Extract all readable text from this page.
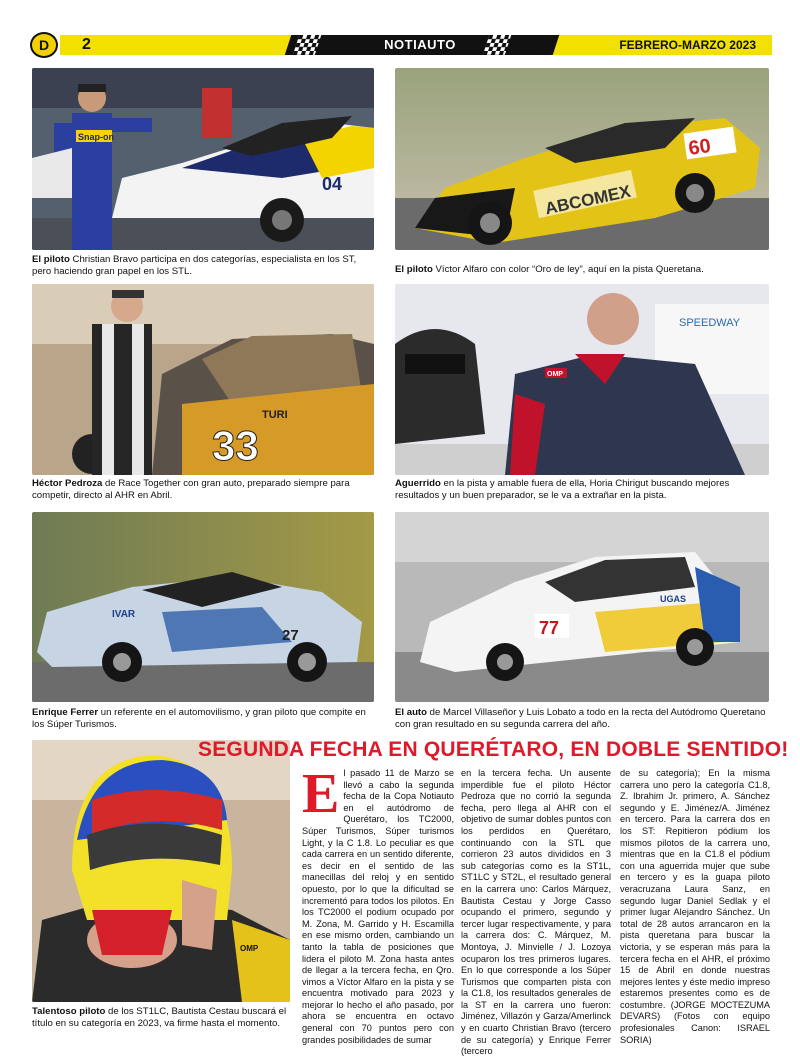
D 2	NOTIAUTO	FEBRERO-MARZO 2023
04
Snap-on
ABCOMEX
60
El piloto Christian Bravo participa en dos categorías, especialista en los ST, pero haciendo gran papel en los STL.	El piloto Víctor Alfaro con color “Oro de ley”, aquí en la pista Queretana.
33
TURI
SPEEDWAY
OMP
Héctor Pedroza de Race Together con gran auto, preparado siempre para competir, directo al AHR en Abril.
Aguerrido en la pista y amable fuera de ella, Horia Chirigut buscando mejores resultados y un buen preparador, se le va a extrañar en la pista.
27
IVAR
77
UGAS
Enrique Ferrer un referente en el automovilismo, y gran piloto que compite en los Súper Turismos.
El auto de Marcel Villaseñor y Luis Lobato a todo en la recta del Autódromo Queretano con gran resultado en su segunda carrera del año.
OMP
Talentoso piloto de los ST1LC, Bautista Cestau buscará el título en su categoría en 2023, va firme hasta el momento.
SEGUNDA FECHA EN QUERÉTARO, EN DOBLE SENTIDO!
El pasado 11 de Marzo se llevó a cabo la segunda fecha de la Copa Notiauto en el autódromo de Querétaro, los TC2000, Súper Turismos, Súper turismos Light, y la C 1.8. Lo peculiar es que cada carrera en un sentido diferente, es decir en el sentido de las manecillas del reloj y en sentido opuesto, por lo que la dificultad se incrementó para todos los pilotos. En los TC2000 el podium ocupado por M. Zona, M. Garrido y H. Escamilla en ese mismo orden, cambiando un tanto la tabla de posiciones que lidera el piloto M. Zona hasta antes de llegar a la tercera fecha, en Qro. vimos a Víctor Alfaro en la pista y se encuentra motivado para 2023 y mejorar lo hecho el año pasado, por ahora se encuentra en octavo general con 70 puntos pero con grandes posibilidades de sumar
en la tercera fecha. Un ausente imperdible fue el piloto Héctor Pedroza que no corrió la segunda fecha, pero llega al AHR con el objetivo de sumar dobles puntos con los perdidos en Querétaro, continuando con la STL que corrieron 23 autos divididos en 3 sub categorías como es la ST1L, ST1LC y ST2L, el resultado general en la carrera uno: Carlos Márquez, Bautista Cestau y Jorge Casso ocupando el primero, segundo y tercer lugar respectivamente, y para la carrera dos: C. Márquez, M. Montoya, J. Minvielle / J. Lozoya ocuparon los tres primeros lugares. En lo que corresponde a los Súper Turismos que comparten pista con la C1.8, los resultados generales de la ST en la carrera uno fueron: Jiménez, Villazón y Garza/Amerlinck y en cuarto Christian Bravo (tercero de su categoría) y Enrique Ferrer (tercero
de su categoría); En la misma carrera uno pero la categoría C1.8, Z. Ibrahim Jr. primero, A. Sánchez segundo y E. Jiménez/A. Jiménez en tercero. Para la carrera dos en los ST: Repitieron pódium los mismos pilotos de la carrera uno, mientras que en la C1.8 el pódium con una aguerrida mujer que sube en tercero y es la guapa piloto veracruzana Laura Sanz, en segundo lugar Daniel Sedlak y el primer lugar Alejandro Sánchez. Un total de 28 autos arrancaron en la pista queretana para buscar la victoria, y se esperan más para la tercera fecha en el AHR, el próximo 15 de Abril en donde nuestras mejores lentes y éste medio impreso estaremos presentes como es de costumbre. (JORGE MOCTEZUMA DEVARS) (Fotos con equipo profesionales Canon: ISRAEL SORIA)
